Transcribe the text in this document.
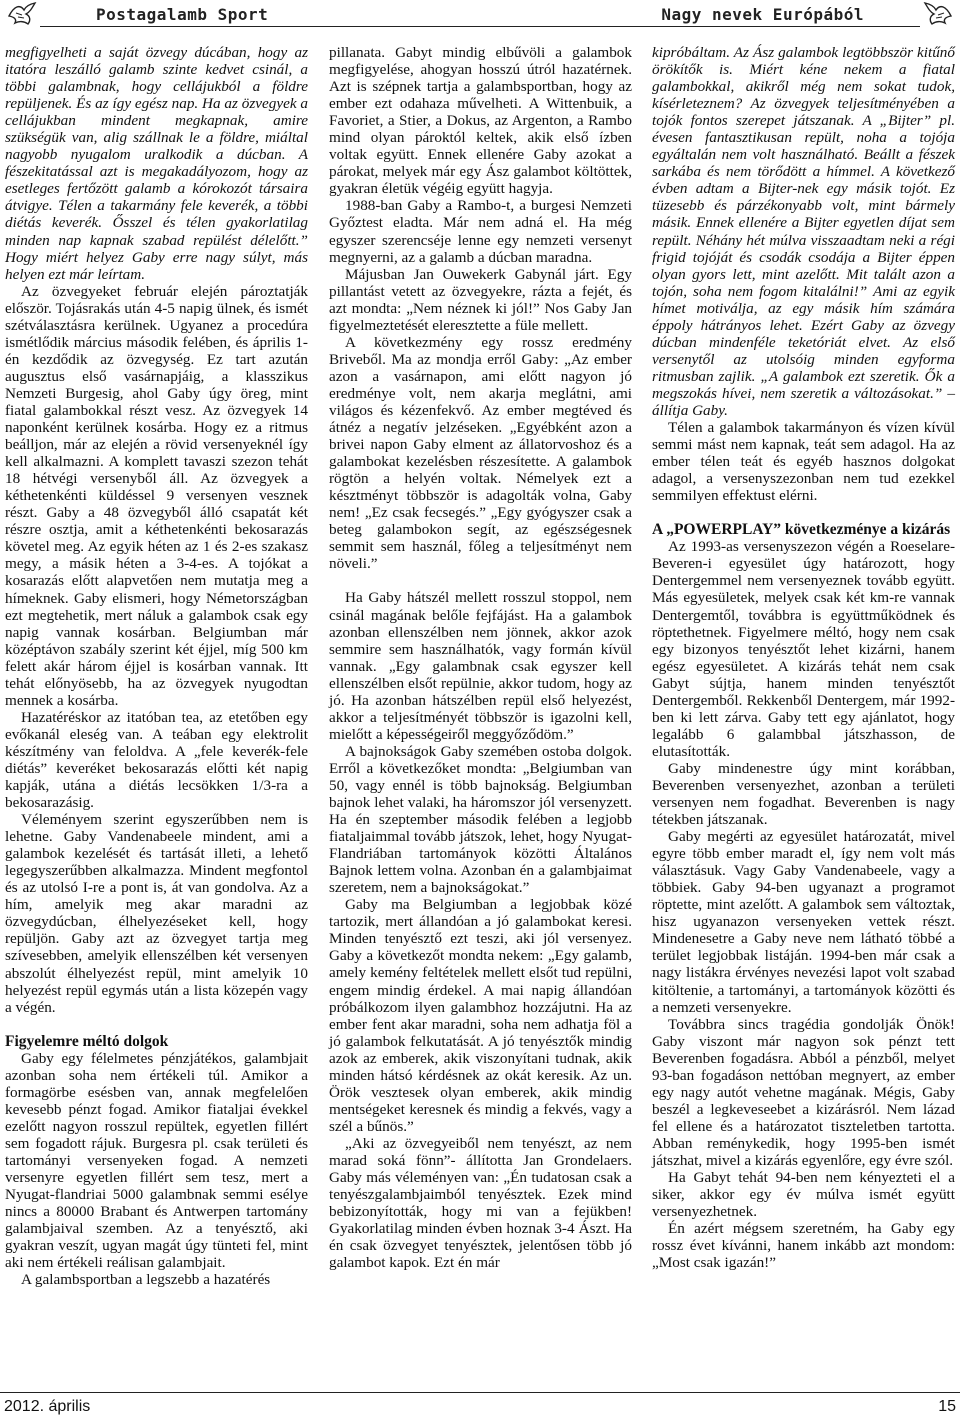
Postagalamb Sport	Nagy nevek Európából

megfigyelheti a saját özvegy dúcában, hogy az itatóra leszálló galamb szinte kedvet csinál, a többi galambnak, hogy cellájukból a földre repüljenek. És az így egész nap. Ha az özvegyek a cellájukban mindent megkapnak, amire szükségük van, alig szállnak le a földre, miáltal nagyobb nyugalom uralkodik a dúcban. A fészekitatással azt is megakadályozom, hogy az esetleges fertőzött galamb a kórokozót társaira átvigye. Télen a takarmány fele keverék, a többi diétás keverék. Ősszel és télen gyakorlatilag minden nap kapnak szabad repülést délelőtt.” Hogy miért helyez Gaby erre nagy súlyt, más helyen ezt már leírtam.

Az özvegyeket február elején pároztatják először. Tojásrakás után 4-5 napig ülnek, és ismét szétválasztásra kerülnek. Ugyanez a procedúra ismétlődik március második felében, és április 1-én kezdődik az özvegység. Ez tart azután augusztus első vasárnapjáig, a klasszikus Nemzeti Burgesig, ahol Gaby úgy öreg, mint fiatal galambokkal részt vesz. Az özvegyek 14 naponként kerülnek kosárba. Hogy ez a ritmus beálljon, már az elején a rövid versenyeknél így kell alkalmazni. A komplett tavaszi szezon tehát 18 hétvégi versenyből áll. Az özvegyek a kéthetenkénti küldéssel 9 versenyen vesznek részt. Gaby a 48 özvegyből álló csapatát két részre osztja, amit a kéthetenkénti bekosarazás követel meg. Az egyik héten az 1 és 2-es szakasz megy, a másik héten a 3-4-es. A tojókat a kosarazás előtt alapvetően nem mutatja meg a hímeknek. Gaby elismeri, hogy Németországban ezt megtehetik, mert náluk a galambok csak egy napig vannak kosárban. Belgiumban már középtávon szabály szerint két éjjel, míg 500 km felett akár három éjjel is kosárban vannak. Itt tehát előnyösebb, ha az özvegyek nyugodtan mennek a kosárba.

Hazatéréskor az itatóban tea, az etetőben egy evőkanál eleség van. A teában egy elektrolit készítmény van feloldva. A „fele keverék-fele diétás” keveréket bekosarazás előtti két napig kapják, utána a diétás lecsökken 1/3-ra a bekosarazásig.

Véleményem szerint egyszerűbben nem is lehetne. Gaby Vandenabeele mindent, ami a galambok kezelését és tartását illeti, a lehető legegyszerűbben alkalmazza. Mindent megfontol és az utolsó I-re a pont is, át van gondolva. Az a hím, amelyik meg akar maradni az özvegydúcban, élhelyezéseket kell, hogy repüljön. Gaby azt az özvegyet tartja meg szívesebben, amelyik ellenszélben két versenyen abszolút élhelyezést repül, mint amelyik 10 helyezést repül egymás után a lista közepén vagy a végén.

Figyelemre méltó dolgok

Gaby egy félelmetes pénzjátékos, galambjait azonban soha nem értékeli túl. Amikor a formagörbe esésben van, annak megfelelően kevesebb pénzt fogad. Amikor fiataljai évekkel ezelőtt nagyon rosszul repültek, egyetlen fillért sem fogadott rájuk. Burgesra pl. csak területi és tartományi versenyeken fogad. A nemzeti versenyre egyetlen fillért sem tesz, mert a Nyugat-flandriai 5000 galambnak semmi esélye nincs a 80000 Brabant és Antwerpen tartomány galambjaival szemben. Az a tenyésztő, aki gyakran veszít, ugyan magát úgy tünteti fel, mint aki nem értékeli reálisan galambjait.

A galambsportban a legszebb a hazatérés

pillanata. Gabyt mindig elbűvöli a galambok megfigyelése, ahogyan hosszú útról hazatérnek. Azt is szépnek tartja a galambsportban, hogy az ember ezt odahaza művelheti. A Wittenbuik, a Favoriet, a Stier, a Dokus, az Argenton, a Rambo mind olyan pároktól keltek, akik első ízben voltak együtt. Ennek ellenére Gaby azokat a párokat, melyek már egy Ász galambot költöttek, gyakran életük végéig együtt hagyja.

1988-ban Gaby a Rambo-t, a burgesi Nemzeti Győztest eladta. Már nem adná el. Ha még egyszer szerencséje lenne egy nemzeti versenyt megnyerni, az a galamb a dúcban maradna.

Májusban Jan Ouwekerk Gabynál járt. Egy pillantást vetett az özvegyekre, rázta a fejét, és azt mondta: „Nem néznek ki jól!” Nos Gaby Jan figyelmeztetését eleresztette a füle mellett.

A következmény egy rossz eredmény Briveből. Ma az mondja erről Gaby: „Az ember azon a vasárnapon, ami előtt nagyon jó eredménye volt, nem akarja meglátni, ami világos és kézenfekvő. Az ember megtéved és átnéz a negatív jelzéseken. „Egyébként azon a brivei napon Gaby elment az állatorvoshoz és a galambokat kezelésben részesítette. A galambok rögtön a helyén voltak. Némelyek ezt a késztményt többször is adagolták volna, Gaby nem! „Ez csak fecsegés.” „Egy gyógyszer csak a beteg galambokon segít, az egészségesnek semmit sem használ, főleg a teljesítményt nem növeli.”

Ha Gaby hátszél mellett rosszul stoppol, nem csinál magának belőle fejfájást. Ha a galambok azonban ellenszélben nem jönnek, akkor azok semmire sem használhatók, vagy formán kívül vannak. „Egy galambnak csak egyszer kell ellenszélben elsőt repülnie, akkor tudom, hogy az jó. Ha azonban hátszélben repül első helyezést, akkor a teljesítményét többször is igazolni kell, mielőtt a képességeiről meggyőződöm.”

A bajnokságok Gaby szemében ostoba dolgok. Erről a következőket mondta: „Belgiumban van 50, vagy ennél is több bajnokság. Belgiumban bajnok lehet valaki, ha háromszor jól versenyzett. Ha én szeptember második felében a legjobb fiataljaimmal tovább játszok, lehet, hogy Nyugat-Flandriában tartományok közötti Általános Bajnok lettem volna. Azonban én a galambjaimat szeretem, nem a bajnokságokat.”

Gaby ma Belgiumban a legjobbak közé tartozik, mert állandóan a jó galambokat keresi. Minden tenyésztő ezt teszi, aki jól versenyez. Gaby a következőt mondta nekem: „Egy galamb, amely kemény feltételek mellett elsőt tud repülni, engem mindig érdekel. A mai napig állandóan próbálkozom ilyen galambhoz hozzájutni. Ha az ember fent akar maradni, soha nem adhatja föl a jó galambok felkutatását. A jó tenyésztők mindig azok az emberek, akik viszonyítani tudnak, akik minden hátsó kérdésnek az okát keresik. Az un. Örök vesztesek olyan emberek, akik mindig mentségeket keresnek és mindig a fekvés, vagy a szél a bűnös.”

„Aki az özvegyeiből nem tenyészt, az nem marad soká fönn”- állította Jan Grondelaers. Gaby más véleményen van: „Én tudatosan csak a tenyészgalambjaimból tenyésztek. Ezek mind bebizonyították, hogy mi van a fejükben! Gyakorlatilag minden évben hoznak 3-4 Ászt. Ha én csak özvegyet tenyésztek, jelentősen több jó galambot kapok. Ezt én már

kipróbáltam. Az Ász galambok legtöbbször kitűnő örökítők is. Miért kéne nekem a fiatal galambokkal, akikről még nem sokat tudok, kísérleteznem? Az özvegyek teljesítményében a tojók fontos szerepet játszanak. A „Bijter” pl. évesen fantasztikusan repült, noha a tojója egyáltalán nem volt használható. Beállt a fészek sarkába és nem törődött a hímmel. A következő évben adtam a Bijter-nek egy másik tojót. Ez tüzesebb és párzékonyabb volt, mint bármely másik. Ennek ellenére a Bijter egyetlen díjat sem repült. Néhány hét múlva visszaadtam neki a régi frigid tojóját és csodák csodája a Bijter éppen olyan gyors lett, mint azelőtt. Mit talált azon a tojón, soha nem fogom kitalálni!” Ami az egyik hímet motiválja, az egy másik hím számára éppoly hátrányos lehet. Ezért Gaby az özvegy dúcban mindenféle teketóriát elvet. Az első versenytől az utolsóig minden egyforma ritmusban zajlik. „A galambok ezt szeretik. Ők a megszokás hívei, nem szeretik a változásokat.” – állítja Gaby.

Télen a galambok takarmányon és vízen kívül semmi mást nem kapnak, teát sem adagol. Ha az ember télen teát és egyéb hasznos dolgokat adagol, a versenyszezonban nem tud ezekkel semmilyen effektust elérni.

A „POWERPLAY” következménye a kizárás

Az 1993-as versenyszezon végén a Roeselare-Beveren-i egyesület úgy határozott, hogy Dentergemmel nem versenyeznek tovább együtt. Más egyesületek, melyek csak két km-re vannak Dentergemtől, továbbra is együttműködnek és röptethetnek. Figyelmere méltó, hogy nem csak egy bizonyos tenyésztőt lehet kizárni, hanem egész egyesületet. A kizárás tehát nem csak Gabyt sújtja, hanem minden tenyésztőt Dentergemből. Rekkenből Dentergem, már 1992-ben ki lett zárva. Gaby tett egy ajánlatot, hogy legalább 6 galambbal játszhasson, de elutasították.

Gaby mindenestre úgy mint korábban, Beverenben versenyezhet, azonban a területi versenyen nem fogadhat. Beverenben is nagy tétekben játszanak.

Gaby megérti az egyesület határozatát, mivel egyre több ember maradt el, így nem volt más választásuk. Vagy Gaby Vandenabeele, vagy a többiek. Gaby 94-ben ugyanazt a programot röptette, mint azelőtt. A galambok sem változtak, hisz ugyanazon versenyeken vettek részt. Mindenesetre a Gaby neve nem látható többé a terület legjobbak listáján. 1994-ben már csak a nagy listákra érvényes nevezési lapot volt szabad kitöltenie, a tartományi, a tartományok közötti és a nemzeti versenyekre.

Továbbra sincs tragédia gondolják Önök! Gaby viszont már nagyon sok pénzt tett Beverenben fogadásra. Abból a pénzből, melyet 93-ban fogadáson nettóban megnyert, az ember egy nagy autót vehetne magának. Mégis, Gaby beszél a legkeveseebet a kizárásról. Nem lázad fel ellene és a határozatot tiszteletben tartotta. Abban reménykedik, hogy 1995-ben ismét játszhat, mivel a kizárás egyenlőre, egy évre szól.

Ha Gabyt tehát 94-ben nem kényezteti el a siker, akkor egy év múlva ismét együtt versenyezhetnek.

Én azért mégsem szeretném, ha Gaby egy rossz évet kívánni, hanem inkább azt mondom: „Most csak igazán!”

2012. április	15
